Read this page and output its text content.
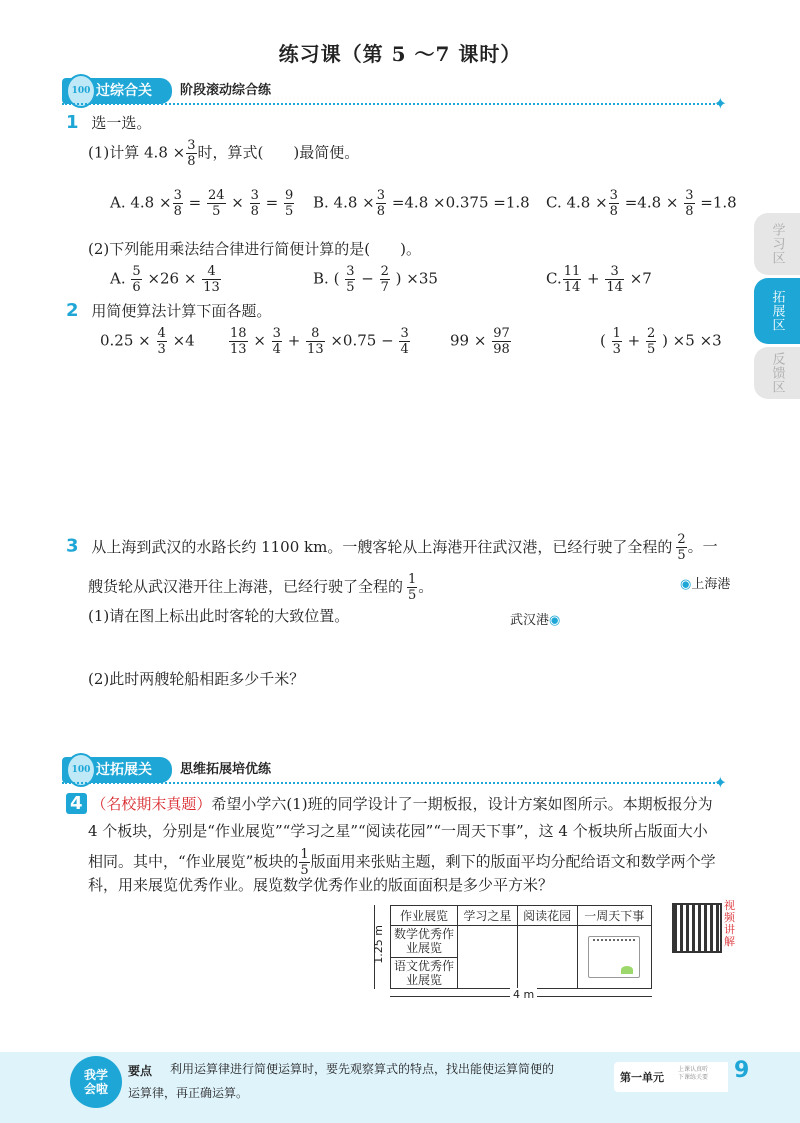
练习课（第 5 ～7 课时）
学习区
拓展区
反馈区
100 过综合关	阶段滚动综合练
✦
1 选一选。
(1)计算 $4.8 \times \frac{3}{8}$ 时，算式(　　)最简便。
A. $4.8 \times \frac{3}{8} = \frac{24}{5} \times \frac{3}{8} = \frac{9}{5} B$. $4.8 \times \frac{3}{8} =4.8 \times 0.375 =1.8$ C. $4.8 \times \frac{3}{8} =4.8 \times \frac{3}{8} =1.8$
(2)下列能用乘法结合律进行简便计算的是(　　)。
A. $\frac{5}{6} \times 26 \times \frac{4}{13}$	B. ( $\frac{3}{5} - \frac{2}{7}$ ) ×35	C. $\frac{11}{14} + \frac{3}{14} \times 7$
2 用简便算法计算下面各题。
$0.25 \times \frac{4}{3} \times 4$	$\frac{18}{13} \times \frac{3}{4} + \frac{8}{13} \times 0.75 - \frac{3}{4}$	$99 \times \frac{97}{98}$	( $\frac{1}{3} + \frac{2}{5}$ ) ×5 ×3
3 从上海到武汉的水路长约 1100 km。一艘客轮从上海港开往武汉港，已经行驶了全程的 $\frac{2}{5}$ 。一
艘货轮从武汉港开往上海港，已经行驶了全程的 $\frac{1}{5}$ 。	◉上海港
武汉港◉
(1)请在图上标出此时客轮的大致位置。
(2)此时两艘轮船相距多少千米？
100 过拓展关	思维拓展培优练
✦
4 （名校期末真题）希望小学六(1)班的同学设计了一期板报，设计方案如图所示。本期板报分为
4 个板块，分别是“作业展览”“学习之星”“阅读花园”“一周天下事”，这 4 个板块所占版面大小
相同。其中，“作业展览”板块的 $\frac{1}{5}$ 版面用来张贴主题，剩下的版面平均分配给语文和数学两个学
科，用来展览优秀作业。展览数学优秀作业的版面面积是多少平方米？
1.25 m
作业展览	学习之星	阅读花园	一周天下事
数学优秀作业展览		

语文优秀作业展览			
4 m
视频讲解
我学会啦
要点 利用运算律进行简便运算时，要先观察算式的特点，找出能使运算简便的
运算律，再正确运算。
第一单元
上课认真听 下课练关要 9
